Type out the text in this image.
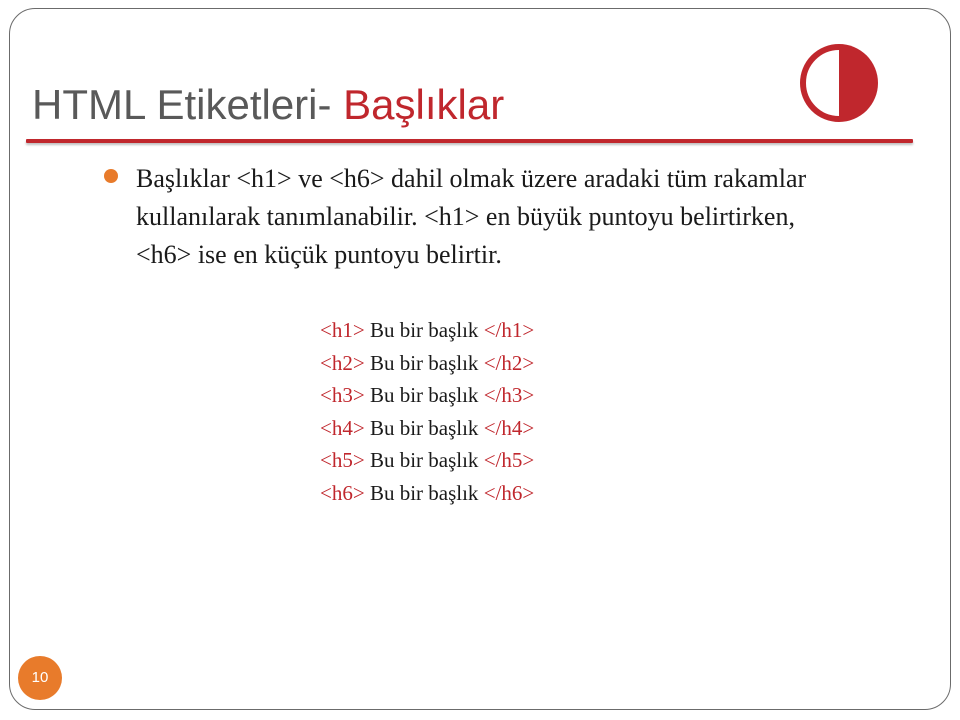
HTML Etiketleri- Başlıklar

Başlıklar <h1> ve <h6> dahil olmak üzere aradaki tüm rakamlar kullanılarak tanımlanabilir. <h1> en büyük puntoyu belirtirken, <h6> ise en küçük puntoyu belirtir.

<h1> Bu bir başlık </h1>
<h2> Bu bir başlık </h2>
<h3> Bu bir başlık </h3>
<h4> Bu bir başlık </h4>
<h5> Bu bir başlık </h5>
<h6> Bu bir başlık </h6>
10
